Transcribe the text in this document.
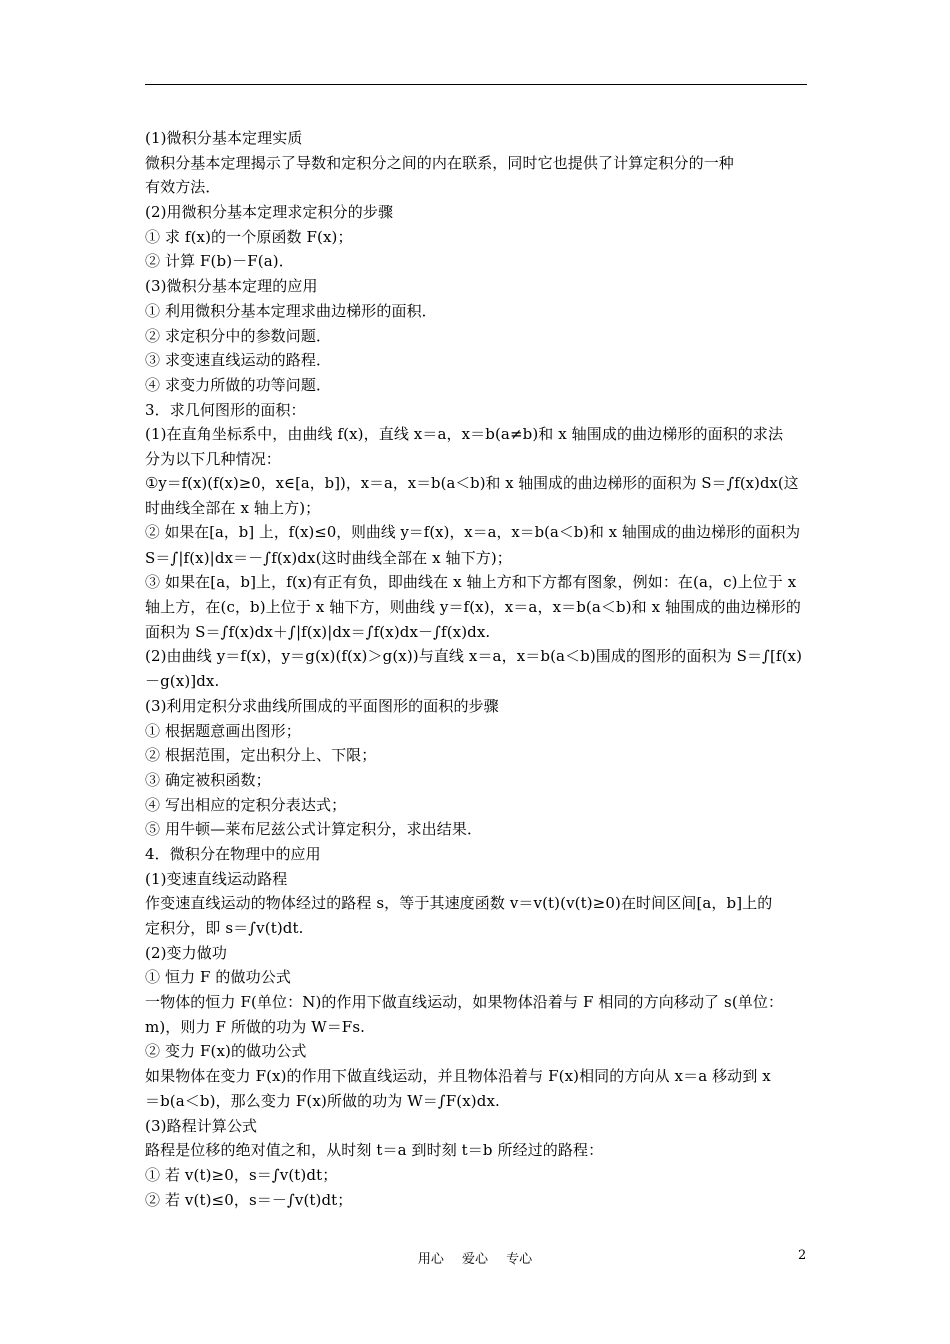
(1)微积分基本定理实质
微积分基本定理揭示了导数和定积分之间的内在联系，同时它也提供了计算定积分的一种
有效方法．
(2)用微积分基本定理求定积分的步骤
① 求 f(x)的一个原函数 F(x)；
② 计算 F(b)－F(a)．
(3)微积分基本定理的应用
① 利用微积分基本定理求曲边梯形的面积．
② 求定积分中的参数问题．
③ 求变速直线运动的路程．
④ 求变力所做的功等问题．
3．求几何图形的面积：
(1)在直角坐标系中，由曲线 f(x)，直线 x＝a，x＝b(a≠b)和 x 轴围成的曲边梯形的面积的求法
分为以下几种情况：
①y＝f(x)(f(x)≥0，x∈[a，b])，x＝a，x＝b(a＜b)和 x 轴围成的曲边梯形的面积为 S＝∫f(x)dx(这
时曲线全部在 x 轴上方)；
② 如果在[a，b] 上，f(x)≤0，则曲线 y＝f(x)，x＝a，x＝b(a＜b)和 x 轴围成的曲边梯形的面积为
S＝∫|f(x)|dx＝－∫f(x)dx(这时曲线全部在 x 轴下方)；
③ 如果在[a，b]上，f(x)有正有负，即曲线在 x 轴上方和下方都有图象，例如：在(a，c)上位于 x
轴上方，在(c，b)上位于 x 轴下方，则曲线 y＝f(x)，x＝a，x＝b(a＜b)和 x 轴围成的曲边梯形的
面积为 S＝∫f(x)dx＋∫|f(x)|dx＝∫f(x)dx－∫f(x)dx.
(2)由曲线 y＝f(x)，y＝g(x)(f(x)＞g(x))与直线 x＝a，x＝b(a＜b)围成的图形的面积为 S＝∫[f(x)
－g(x)]dx.
(3)利用定积分求曲线所围成的平面图形的面积的步骤
① 根据题意画出图形；
② 根据范围，定出积分上、下限；
③ 确定被积函数；
④ 写出相应的定积分表达式；
⑤ 用牛顿—莱布尼兹公式计算定积分，求出结果．
4．微积分在物理中的应用
(1)变速直线运动路程
作变速直线运动的物体经过的路程 s，等于其速度函数 v＝v(t)(v(t)≥0)在时间区间[a，b]上的
定积分，即 s＝∫v(t)dt.
(2)变力做功
① 恒力 F 的做功公式
一物体的恒力 F(单位：N)的作用下做直线运动，如果物体沿着与 F 相同的方向移动了 s(单位：
m)，则力 F 所做的功为 W＝Fs.
② 变力 F(x)的做功公式
如果物体在变力 F(x)的作用下做直线运动，并且物体沿着与 F(x)相同的方向从 x＝a 移动到 x
＝b(a＜b)，那么变力 F(x)所做的功为 W＝∫F(x)dx.
(3)路程计算公式
路程是位移的绝对值之和，从时刻 t＝a 到时刻 t＝b 所经过的路程：
① 若 v(t)≥0，s＝∫v(t)dt；
② 若 v(t)≤0，s＝－∫v(t)dt；
用心 爱心 专心	2
